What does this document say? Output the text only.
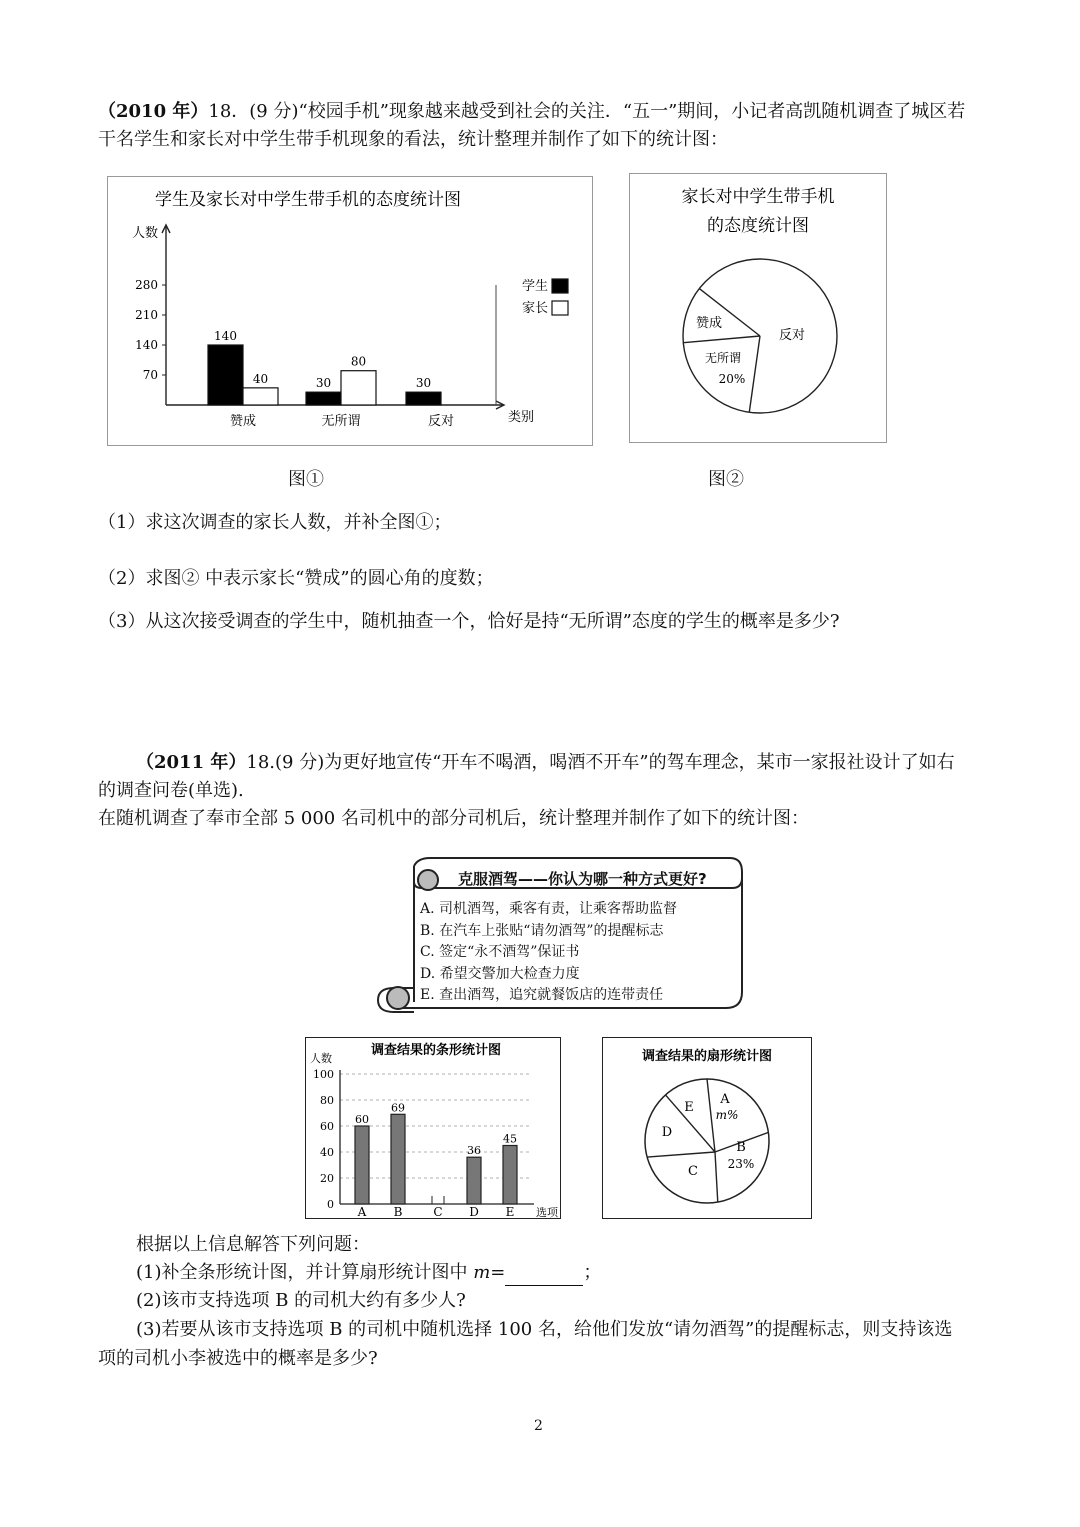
（2010 年）18．(9 分)“校园手机”现象越来越受到社会的关注．“五一”期间，小记者高凯随机调查了城区若
干名学生和家长对中学生带手机现象的看法，统计整理并制作了如下的统计图：
学生及家长对中学生带手机的态度统计图
人数
类别
70
140
210
280
赞成
140
40
无所谓
30
80
反对
30
学生
家长
图①
家长对中学生带手机
的态度统计图
赞成
无所谓
20%
反对
图②
（1）求这次调查的家长人数，并补全图①；
（2）求图② 中表示家长“赞成”的圆心角的度数；
（3）从这次接受调查的学生中，随机抽查一个，恰好是持“无所谓”态度的学生的概率是多少?
（2011 年）18.(9 分)为更好地宣传“开车不喝酒，喝酒不开车”的驾车理念，某市一家报社设计了如右
的调查问卷(单选).
在随机调查了奉市全部 5 000 名司机中的部分司机后，统计整理并制作了如下的统计图：
克服酒驾——你认为哪一种方式更好?
A. 司机酒驾，乘客有责，让乘客帮助监督
B. 在汽车上张贴“请勿酒驾”的提醒标志
C. 签定“永不酒驾”保证书
D. 希望交警加大检查力度
E. 查出酒驾，追究就餐饭店的连带责任
调查结果的条形统计图
人数
0
20
40
60
80
100
A
60
B
69
C D
36
E
45
选项
调查结果的扇形统计图
A
m%
B
23%
C
D
E
根据以上信息解答下列问题：
(1)补全条形统计图，并计算扇形统计图中 m=	；
(2)该市支持选项 B 的司机大约有多少人?
(3)若要从该市支持选项 B 的司机中随机选择 100 名，给他们发放“请勿酒驾”的提醒标志，则支持该选
项的司机小李被选中的概率是多少?
2
